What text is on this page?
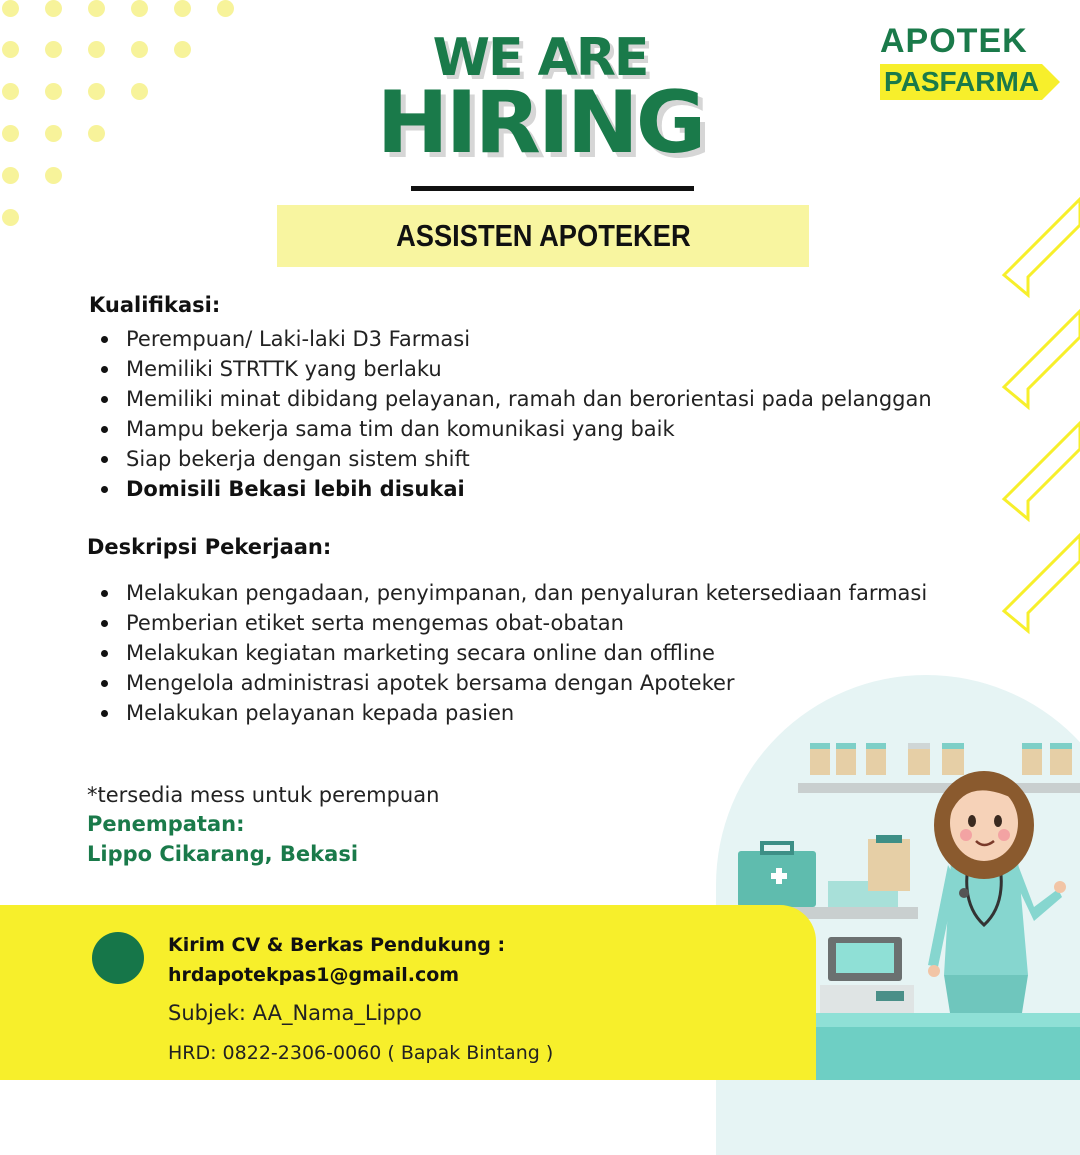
APOTEK
PASFARMA
WE ARE
HIRING
ASSISTEN APOTEKER
Kualifikasi:
Perempuan/ Laki-laki D3 Farmasi
Memiliki STRTTK yang berlaku
Memiliki minat dibidang pelayanan, ramah dan berorientasi pada pelanggan
Mampu bekerja sama tim dan komunikasi yang baik
Siap bekerja dengan sistem shift
Domisili Bekasi lebih disukai
Deskripsi Pekerjaan:
Melakukan pengadaan, penyimpanan, dan penyaluran ketersediaan farmasi
Pemberian etiket serta mengemas obat-obatan
Melakukan kegiatan marketing secara online dan offline
Mengelola administrasi apotek bersama dengan Apoteker
Melakukan pelayanan kepada pasien
*tersedia mess untuk perempuan
Penempatan:
Lippo Cikarang, Bekasi
Kirim CV & Berkas Pendukung :
hrdapotekpas1@gmail.com
Subjek: AA_Nama_Lippo
HRD: 0822-2306-0060 ( Bapak Bintang )
